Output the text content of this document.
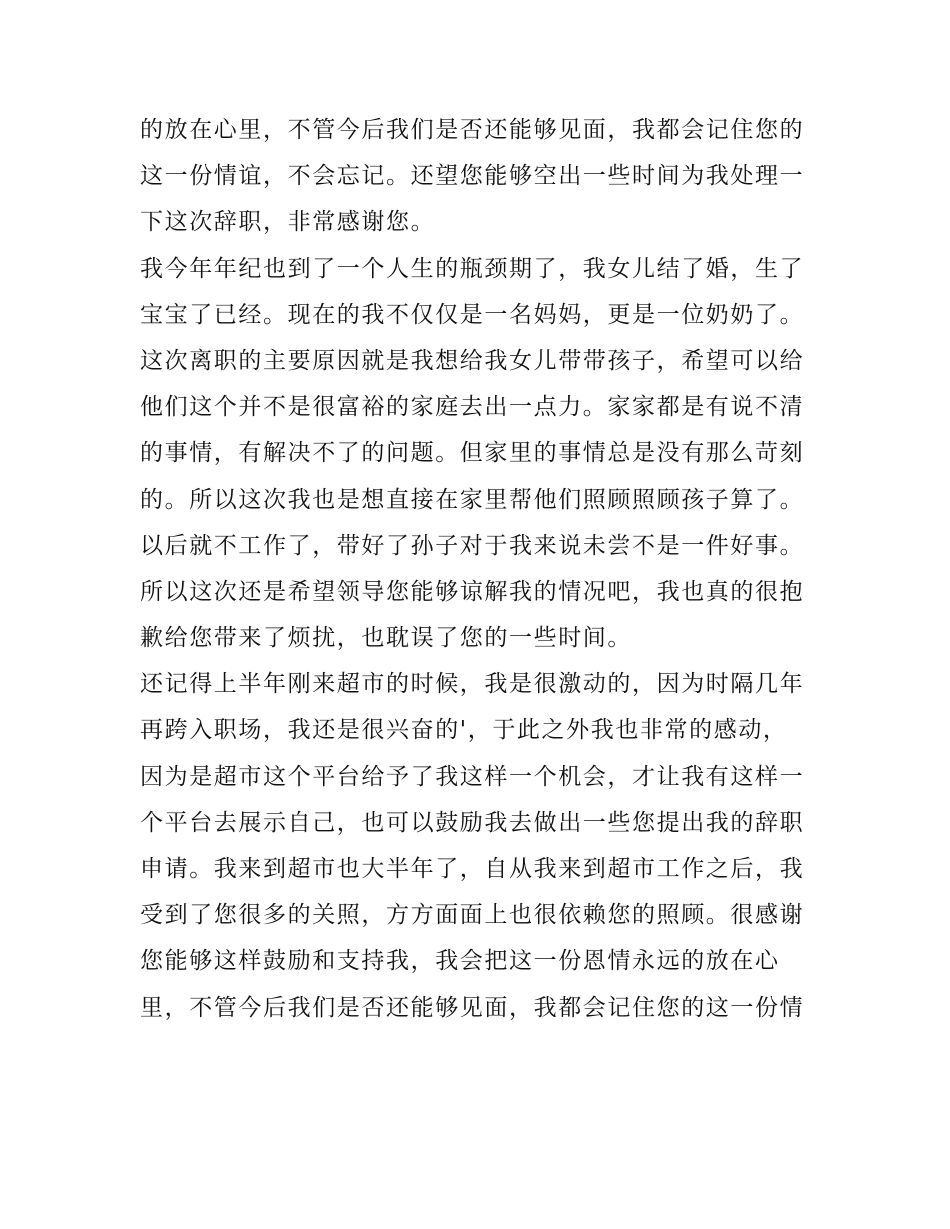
的放在心里，不管今后我们是否还能够见面，我都会记住您的
这一份情谊，不会忘记。还望您能够空出一些时间为我处理一
下这次辞职，非常感谢您。
我今年年纪也到了一个人生的瓶颈期了，我女儿结了婚，生了
宝宝了已经。现在的我不仅仅是一名妈妈，更是一位奶奶了。
这次离职的主要原因就是我想给我女儿带带孩子，希望可以给
他们这个并不是很富裕的家庭去出一点力。家家都是有说不清
的事情，有解决不了的问题。但家里的事情总是没有那么苛刻
的。所以这次我也是想直接在家里帮他们照顾照顾孩子算了。
以后就不工作了，带好了孙子对于我来说未尝不是一件好事。
所以这次还是希望领导您能够谅解我的情况吧，我也真的很抱
歉给您带来了烦扰，也耽误了您的一些时间。
还记得上半年刚来超市的时候，我是很激动的，因为时隔几年
再跨入职场，我还是很兴奋的'，于此之外我也非常的感动，
因为是超市这个平台给予了我这样一个机会，才让我有这样一
个平台去展示自己，也可以鼓励我去做出一些您提出我的辞职
申请。我来到超市也大半年了，自从我来到超市工作之后，我
受到了您很多的关照，方方面面上也很依赖您的照顾。很感谢
您能够这样鼓励和支持我，我会把这一份恩情永远的放在心
里，不管今后我们是否还能够见面，我都会记住您的这一份情
